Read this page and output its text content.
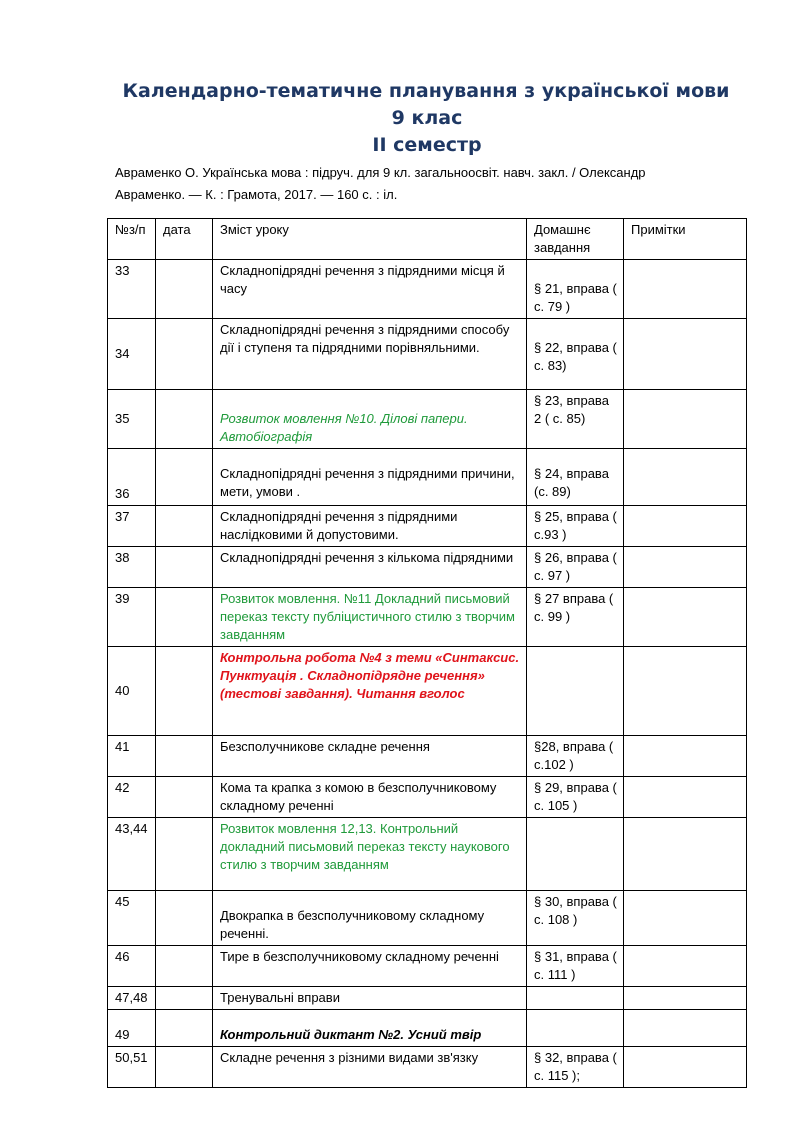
Календарно-тематичне планування з української мови
9 клас
ІІ семестр
Авраменко О. Українська мова : підруч. для 9 кл. загальноосвіт. навч. закл. / Олександр Авраменко. — К. : Грамота, 2017. — 160 с. : іл.
№з/п	дата	Зміст уроку	Домашнє завдання	Примітки
33		Складнопідрядні речення з підрядними місця й часу	§ 21, вправа ( с. 79 )	
34		Складнопідрядні речення з підрядними способу дії і ступеня та підрядними порівняльними.	§ 22, вправа ( с. 83)	
35		Розвиток мовлення №10. Ділові папери. Автобіографія	§ 23, вправа 2 ( с. 85)	
36		Складнопідрядні речення з підрядними причини, мети, умови .	§ 24, вправа (с. 89)	
37		Складнопідрядні речення з підрядними наслідковими й допустовими.	§ 25, вправа ( с.93 )	
38		Складнопідрядні речення з кількома підрядними	§ 26, вправа ( с. 97 )	
39		Розвиток мовлення. №11 Докладний письмовий переказ тексту публіцистичного стилю з творчим завданням	§ 27 вправа ( с. 99 )	
40		Контрольна робота №4 з теми «Синтаксис. Пунктуація . Складнопідрядне речення» (тестові завдання). Читання вголос		
41		Безсполучникове складне речення	§28, вправа ( с.102 )	
42		Кома та крапка з комою в безсполучниковому складному реченні	§ 29, вправа ( с. 105 )	
43,44		Розвиток мовлення 12,13. Контрольний докладний письмовий переказ тексту наукового стилю з творчим завданням		
45		Двокрапка в безсполучниковому складному реченні.	§ 30, вправа ( с. 108 )	
46		Тире в безсполучниковому складному реченні	§ 31, вправа ( с. 111 )	
47,48		Тренувальні вправи		
49		Контрольний диктант №2. Усний твір		
50,51		Складне речення з різними видами зв'язку	§ 32, вправа ( с. 115 );	
